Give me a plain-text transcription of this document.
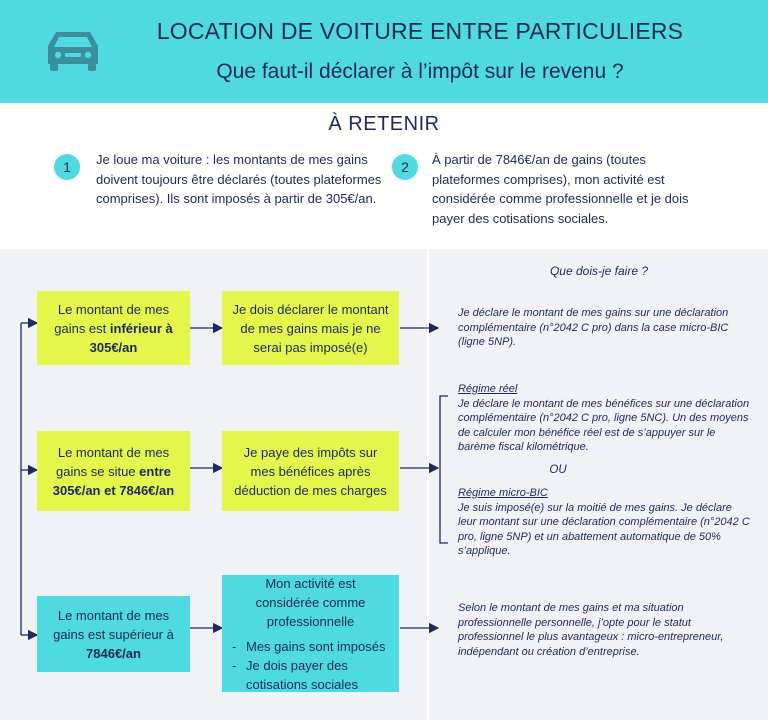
LOCATION DE VOITURE ENTRE PARTICULIERS
Que faut-il déclarer à l’impôt sur le revenu ?
À RETENIR
1	Je loue ma voiture : les montants de mes gains doivent toujours être déclarés (toutes plateformes comprises). Ils sont imposés à partir de 305€/an.
2	À partir de 7846€/an de gains (toutes plateformes comprises), mon activité est considérée comme professionnelle et je dois payer des cotisations sociales.
Que dois-je faire ?
Le montant de mes gains est inférieur à 305€/an
Je dois déclarer le montant de mes gains mais je ne serai pas imposé(e)
Je déclare le montant de mes gains sur une déclaration complémentaire (n°2042 C pro) dans la case micro-BIC (ligne 5NP).
Le montant de mes gains se situe entre 305€/an et 7846€/an
Je paye des impôts sur mes bénéfices après déduction de mes charges
Régime réel
Je déclare le montant de mes bénéfices sur une déclaration complémentaire (n°2042 C pro, ligne 5NC). Un des moyens de calculer mon bénéfice réel est de s’appuyer sur le barème fiscal kilométrique.
OU
Régime micro-BIC
Je suis imposé(e) sur la moitié de mes gains. Je déclare leur montant sur une déclaration complémentaire (n°2042 C pro, ligne 5NP) et un abattement automatique de 50% s’applique.
Le montant de mes gains est supérieur à 7846€/an
Mon activité est considérée comme professionnelle
- Mes gains sont imposés
- Je dois payer des cotisations sociales
Selon le montant de mes gains et ma situation professionnelle personnelle, j’opte pour le statut professionnel le plus avantageux : micro-entrepreneur, indépendant ou création d’entreprise.
